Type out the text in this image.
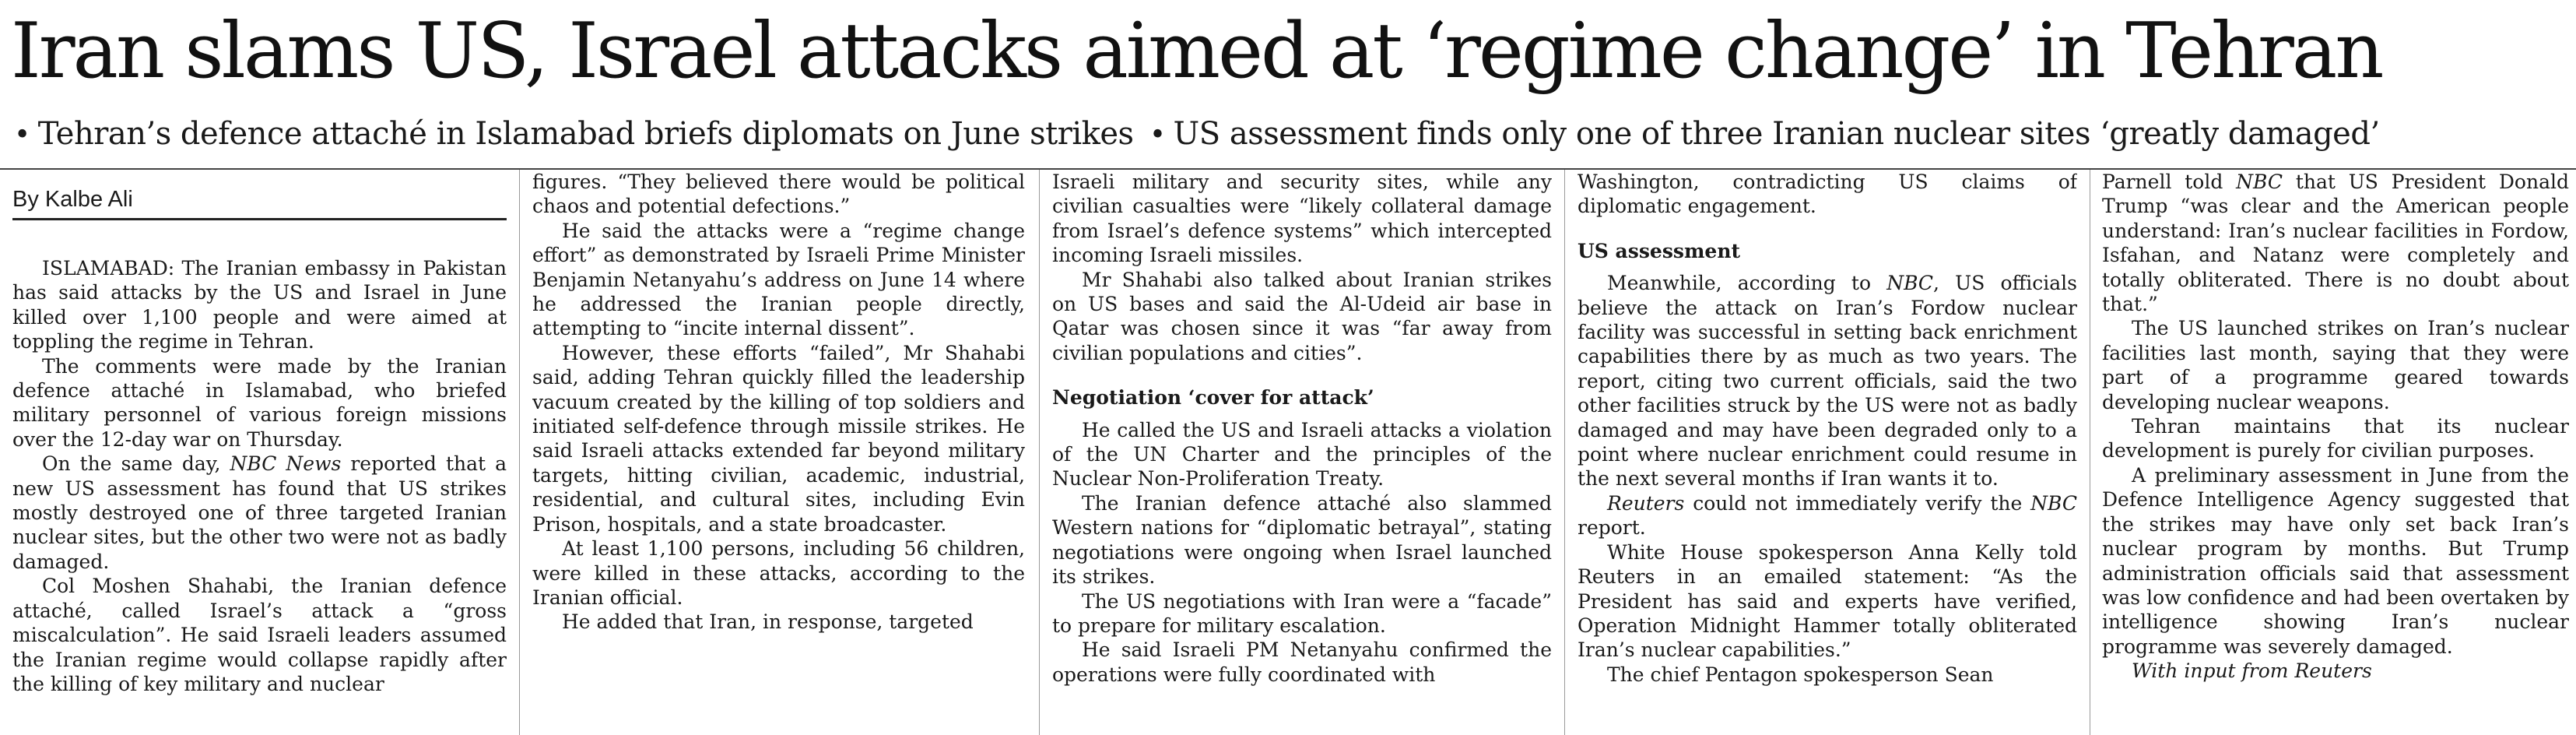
Iran slams US, Israel attacks aimed at ‘regime change’ in Tehran
• Tehran’s defence attaché in Islamabad briefs diplomats on June strikes • US assessment finds only one of three Iranian nuclear sites ‘greatly damaged’
By Kalbe Ali

ISLAMABAD: The Iranian embassy in Pakistan has said attacks by the US and Israel in June killed over 1,100 people and were aimed at toppling the regime in Tehran.

The comments were made by the Iranian defence attaché in Islamabad, who briefed military personnel of various foreign missions over the 12-day war on Thursday.

On the same day, NBC News reported that a new US assessment has found that US strikes mostly destroyed one of three targeted Iranian nuclear sites, but the other two were not as badly damaged.

Col Moshen Shahabi, the Iranian defence attaché, called Israel’s attack a “gross miscalculation”. He said Israeli leaders assumed the Iranian regime would collapse rapidly after the killing of key military and nuclear

figures. “They believed there would be political chaos and potential defections.”

He said the attacks were a “regime change effort” as demonstrated by Israeli Prime Minister Benjamin Netanyahu’s address on June 14 where he addressed the Iranian people directly, attempting to “incite internal dissent”.

However, these efforts “failed”, Mr Shahabi said, adding Tehran quickly filled the leadership vacuum created by the killing of top soldiers and initiated self-defence through missile strikes. He said Israeli attacks extended far beyond military targets, hitting civilian, academic, industrial, residential, and cultural sites, including Evin Prison, hospitals, and a state broadcaster.

At least 1,100 persons, including 56 children, were killed in these attacks, according to the Iranian official.

He added that Iran, in response, targeted

Israeli military and security sites, while any civilian casualties were “likely collateral damage from Israel’s defence systems” which intercepted incoming Israeli missiles.

Mr Shahabi also talked about Iranian strikes on US bases and said the Al-Udeid air base in Qatar was chosen since it was “far away from civilian populations and cities”.

Negotiation ‘cover for attack’

He called the US and Israeli attacks a violation of the UN Charter and the principles of the Nuclear Non-Proliferation Treaty.

The Iranian defence attaché also slammed Western nations for “diplomatic betrayal”, stating negotiations were ongoing when Israel launched its strikes.

The US negotiations with Iran were a “facade” to prepare for military escalation.

He said Israeli PM Netanyahu confirmed the operations were fully coordinated with

Washington, contradicting US claims of diplomatic engagement.

US assessment

Meanwhile, according to NBC, US officials believe the attack on Iran’s Fordow nuclear facility was successful in setting back enrichment capabilities there by as much as two years. The report, citing two current officials, said the two other facilities struck by the US were not as badly damaged and may have been degraded only to a point where nuclear enrichment could resume in the next several months if Iran wants it to.

Reuters could not immediately verify the NBC report.

White House spokesperson Anna Kelly told Reuters in an emailed statement: “As the President has said and experts have verified, Operation Midnight Hammer totally obliterated Iran’s nuclear capabilities.”

The chief Pentagon spokesperson Sean

Parnell told NBC that US President Donald Trump “was clear and the American people understand: Iran’s nuclear facilities in Fordow, Isfahan, and Natanz were completely and totally obliterated. There is no doubt about that.”

The US launched strikes on Iran’s nuclear facilities last month, saying that they were part of a programme geared towards developing nuclear weapons.

Tehran maintains that its nuclear development is purely for civilian purposes.

A preliminary assessment in June from the Defence Intelligence Agency suggested that the strikes may have only set back Iran’s nuclear program by months. But Trump administration officials said that assessment was low confidence and had been overtaken by intelligence showing Iran’s nuclear programme was severely damaged.

With input from Reuters
